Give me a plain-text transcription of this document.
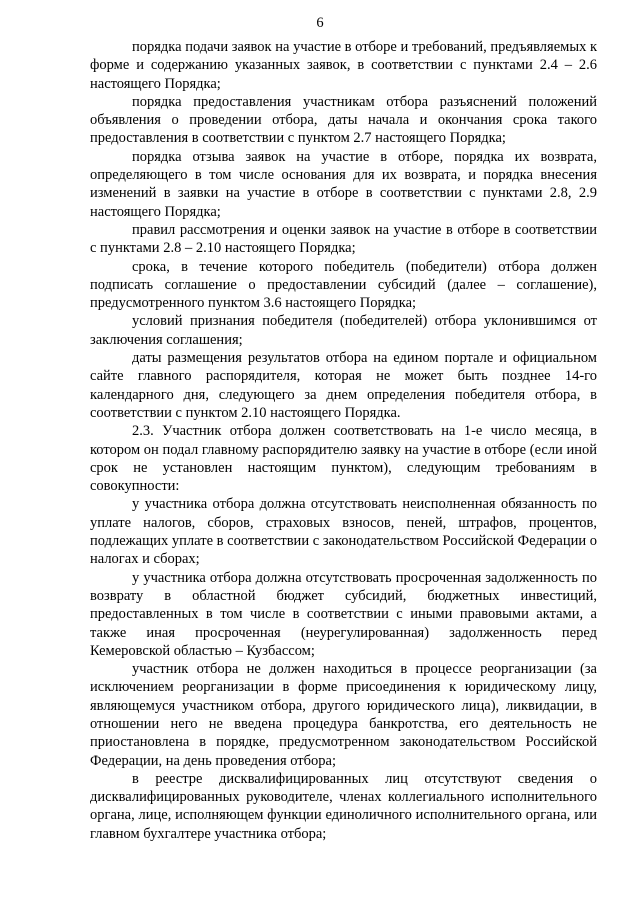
6

порядка подачи заявок на участие в отборе и требований, предъявляемых к форме и содержанию указанных заявок, в соответствии с пунктами 2.4 – 2.6 настоящего Порядка;

порядка предоставления участникам отбора разъяснений положений объявления о проведении отбора, даты начала и окончания срока такого предоставления в соответствии с пунктом 2.7 настоящего Порядка;

порядка отзыва заявок на участие в отборе, порядка их возврата, определяющего в том числе основания для их возврата, и порядка внесения изменений в заявки на участие в отборе в соответствии с пунктами 2.8, 2.9 настоящего Порядка;

правил рассмотрения и оценки заявок на участие в отборе в соответствии с пунктами 2.8 – 2.10 настоящего Порядка;

срока, в течение которого победитель (победители) отбора должен подписать соглашение о предоставлении субсидий (далее – соглашение), предусмотренного пунктом 3.6 настоящего Порядка;

условий признания победителя (победителей) отбора уклонившимся от заключения соглашения;

даты размещения результатов отбора на едином портале и официальном сайте главного распорядителя, которая не может быть позднее 14-го календарного дня, следующего за днем определения победителя отбора, в соответствии с пунктом 2.10 настоящего Порядка.

2.3. Участник отбора должен соответствовать на 1-е число месяца, в котором он подал главному распорядителю заявку на участие в отборе (если иной срок не установлен настоящим пунктом), следующим требованиям в совокупности:

у участника отбора должна отсутствовать неисполненная обязанность по уплате налогов, сборов, страховых взносов, пеней, штрафов, процентов, подлежащих уплате в соответствии с законодательством Российской Федерации о налогах и сборах;

у участника отбора должна отсутствовать просроченная задолженность по возврату в областной бюджет субсидий, бюджетных инвестиций, предоставленных в том числе в соответствии с иными правовыми актами, а также иная просроченная (неурегулированная) задолженность перед Кемеровской областью – Кузбассом;

участник отбора не должен находиться в процессе реорганизации (за исключением реорганизации в форме присоединения к юридическому лицу, являющемуся участником отбора, другого юридического лица), ликвидации, в отношении него не введена процедура банкротства, его деятельность не приостановлена в порядке, предусмотренном законодательством Российской Федерации, на день проведения отбора;

в реестре дисквалифицированных лиц отсутствуют сведения о дисквалифицированных руководителе, членах коллегиального исполнительного органа, лице, исполняющем функции единоличного исполнительного органа, или главном бухгалтере участника отбора;
